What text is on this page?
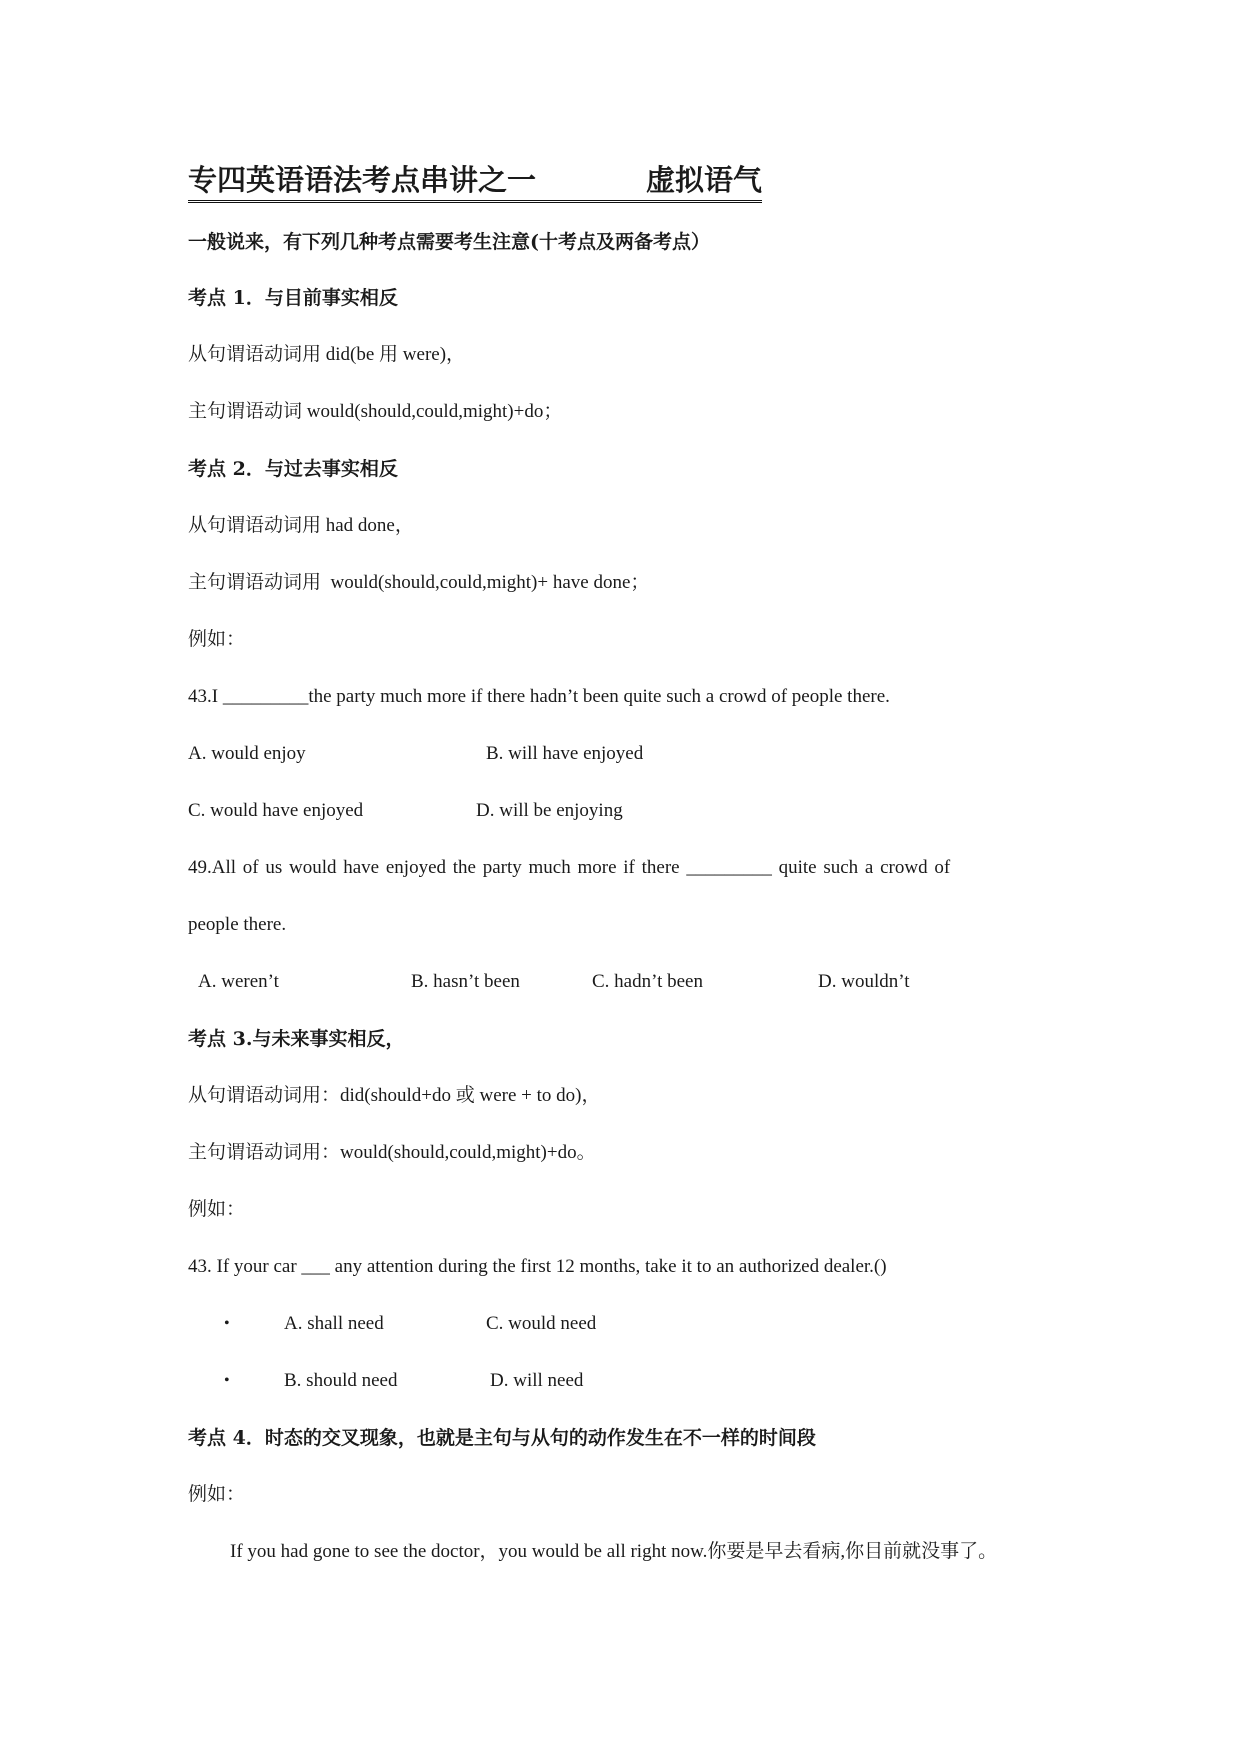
专四英语语法考点串讲之一	虚拟语气
一般说来，有下列几种考点需要考生注意(十考点及两备考点）
考点 1．与目前事实相反
从句谓语动词用 did(be 用 were)，
主句谓语动词 would(should,could,might)+do；
考点 2．与过去事实相反
从句谓语动词用 had done，
主句谓语动词用  would(should,could,might)+ have done；
例如：
43.I _________the party much more if there hadn’t been quite such a crowd of people there.
A. would enjoy	B. will have enjoyed
C. would have enjoyed	D. will be enjoying
49.All of us would have enjoyed the party much more if there _________ quite such a crowd of
people there.
A. weren’t	B. hasn’t been	C. hadn’t been	D. wouldn’t
考点 3.与未来事实相反，
从句谓语动词用：did(should+do 或 were + to do)，
主句谓语动词用：would(should,could,might)+do。
例如：
43. If your car ___ any attention during the first 12 months, take it to an authorized dealer.()
•	A. shall need	C. would need
•	B. should need	D. will need
考点 4．时态的交叉现象，也就是主句与从句的动作发生在不一样的时间段
例如：
If you had gone to see the doctor，you would be all right now.你要是早去看病,你目前就没事了。
